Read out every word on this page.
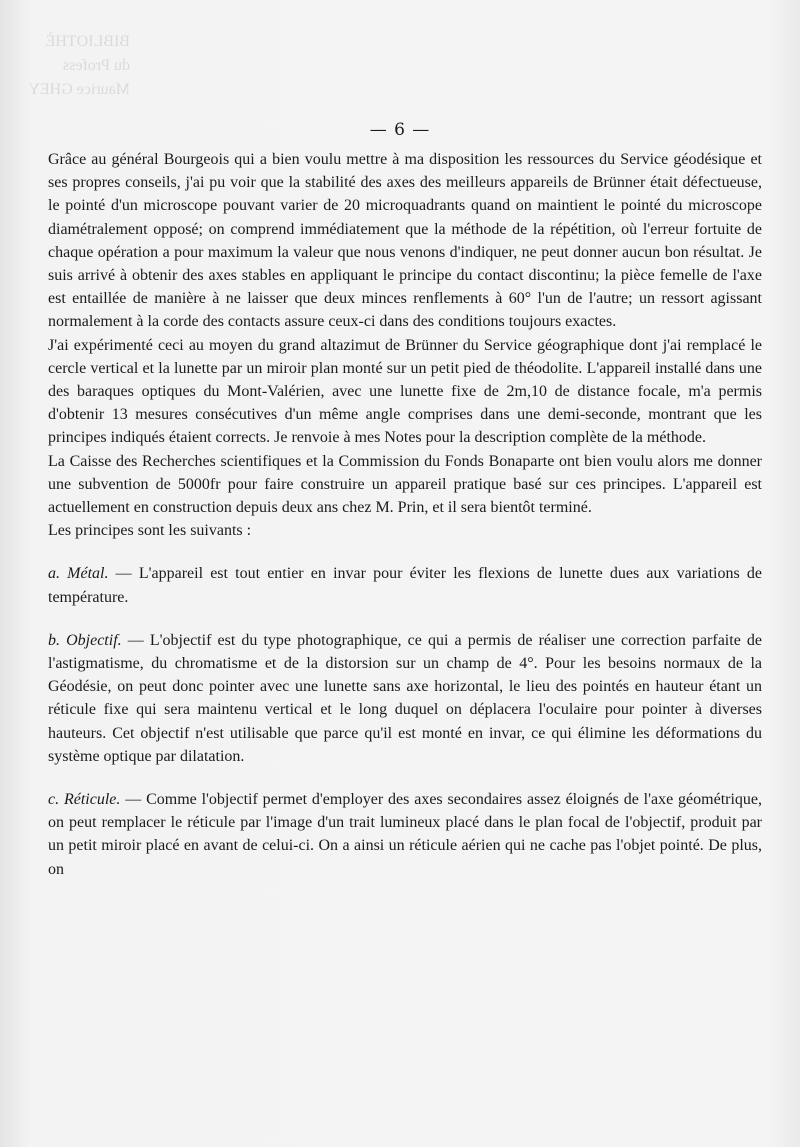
BIBLIOTHÈ
du Profess
Maurice GHEY
— 6 —

Grâce au général Bourgeois qui a bien voulu mettre à ma disposition les ressources du Service géodésique et ses propres conseils, j'ai pu voir que la stabilité des axes des meilleurs appareils de Brünner était défectueuse, le pointé d'un microscope pouvant varier de 20 microquadrants quand on maintient le pointé du microscope diamétralement opposé; on comprend immédiatement que la méthode de la répétition, où l'erreur fortuite de chaque opération a pour maximum la valeur que nous venons d'indiquer, ne peut donner aucun bon résultat. Je suis arrivé à obtenir des axes stables en appliquant le principe du contact discontinu; la pièce femelle de l'axe est entaillée de manière à ne laisser que deux minces renflements à 60° l'un de l'autre; un ressort agissant normalement à la corde des contacts assure ceux-ci dans des conditions toujours exactes.

J'ai expérimenté ceci au moyen du grand altazimut de Brünner du Service géographique dont j'ai remplacé le cercle vertical et la lunette par un miroir plan monté sur un petit pied de théodolite. L'appareil installé dans une des baraques optiques du Mont-Valérien, avec une lunette fixe de 2m,10 de distance focale, m'a permis d'obtenir 13 mesures consécutives d'un même angle comprises dans une demi-seconde, montrant que les principes indiqués étaient corrects. Je renvoie à mes Notes pour la description complète de la méthode.

La Caisse des Recherches scientifiques et la Commission du Fonds Bonaparte ont bien voulu alors me donner une subvention de 5000fr pour faire construire un appareil pratique basé sur ces principes. L'appareil est actuellement en construction depuis deux ans chez M. Prin, et il sera bientôt terminé.

Les principes sont les suivants :

a. Métal. — L'appareil est tout entier en invar pour éviter les flexions de lunette dues aux variations de température.

b. Objectif. — L'objectif est du type photographique, ce qui a permis de réaliser une correction parfaite de l'astigmatisme, du chromatisme et de la distorsion sur un champ de 4°. Pour les besoins normaux de la Géodésie, on peut donc pointer avec une lunette sans axe horizontal, le lieu des pointés en hauteur étant un réticule fixe qui sera maintenu vertical et le long duquel on déplacera l'oculaire pour pointer à diverses hauteurs. Cet objectif n'est utilisable que parce qu'il est monté en invar, ce qui élimine les déformations du système optique par dilatation.

c. Réticule. — Comme l'objectif permet d'employer des axes secondaires assez éloignés de l'axe géométrique, on peut remplacer le réticule par l'image d'un trait lumineux placé dans le plan focal de l'objectif, produit par un petit miroir placé en avant de celui-ci. On a ainsi un réticule aérien qui ne cache pas l'objet pointé. De plus, on
